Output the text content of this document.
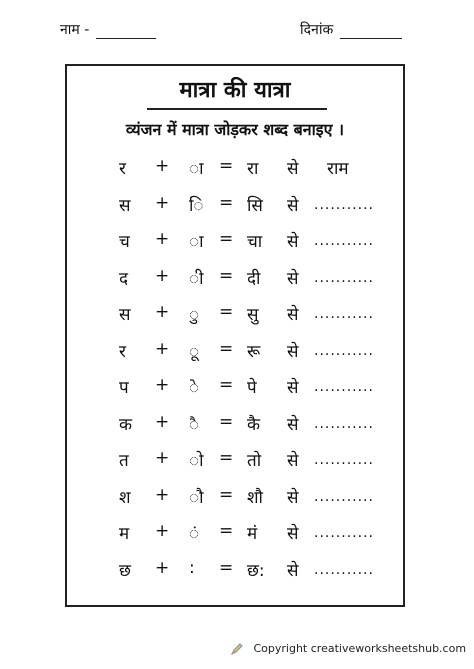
नाम -	दिनांक
मात्रा की यात्रा
व्यंजन में मात्रा जोड़कर शब्द बनाइए ।
र + ा = रा से राम
स + ि = सि से ...........
च + ा = चा से ...........
द + ी = दी से ...........
स + ु = सु से ...........
र + ू = रू से ...........
प + े = पे से ...........
क + ै = कै से ...........
त + ो = तो से ...........
श + ौ = शौ से ...........
म + ं = मं से ...........
छ + : = छ: से ...........
Copyright creativeworksheetshub.com
